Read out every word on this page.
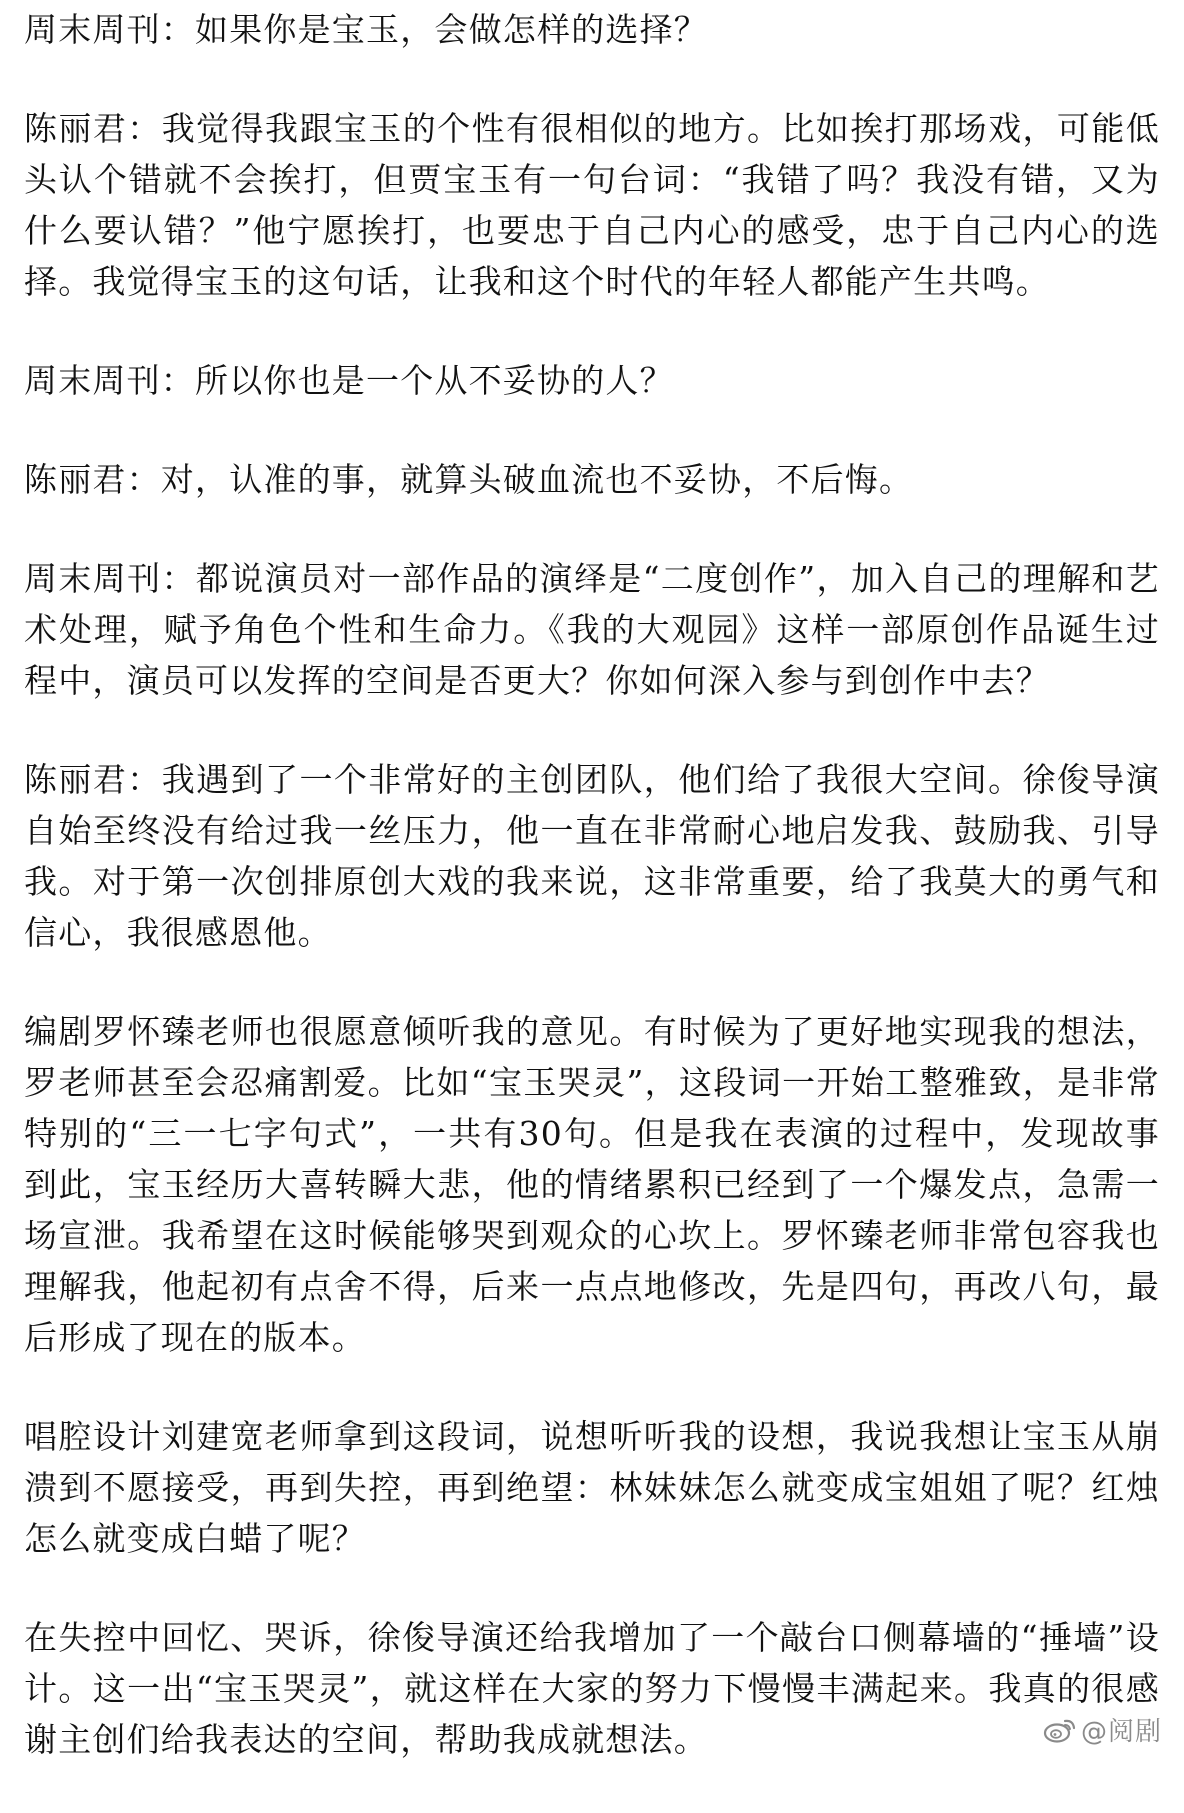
周末周刊：如果你是宝玉，会做怎样的选择？

陈丽君：我觉得我跟宝玉的个性有很相似的地方。比如挨打那场戏，可能低头认个错就不会挨打，但贾宝玉有一句台词：“我错了吗？我没有错，又为什么要认错？”他宁愿挨打，也要忠于自己内心的感受，忠于自己内心的选择。我觉得宝玉的这句话，让我和这个时代的年轻人都能产生共鸣。

周末周刊：所以你也是一个从不妥协的人？

陈丽君：对，认准的事，就算头破血流也不妥协，不后悔。

周末周刊：都说演员对一部作品的演绎是“二度创作”，加入自己的理解和艺术处理，赋予角色个性和生命力。《我的大观园》这样一部原创作品诞生过程中，演员可以发挥的空间是否更大？你如何深入参与到创作中去？

陈丽君：我遇到了一个非常好的主创团队，他们给了我很大空间。徐俊导演自始至终没有给过我一丝压力，他一直在非常耐心地启发我、鼓励我、引导我。对于第一次创排原创大戏的我来说，这非常重要，给了我莫大的勇气和信心，我很感恩他。

编剧罗怀臻老师也很愿意倾听我的意见。有时候为了更好地实现我的想法，罗老师甚至会忍痛割爱。比如“宝玉哭灵”，这段词一开始工整雅致，是非常特别的“三一七字句式”，一共有30句。但是我在表演的过程中，发现故事到此，宝玉经历大喜转瞬大悲，他的情绪累积已经到了一个爆发点，急需一场宣泄。我希望在这时候能够哭到观众的心坎上。罗怀臻老师非常包容我也理解我，他起初有点舍不得，后来一点点地修改，先是四句，再改八句，最后形成了现在的版本。

唱腔设计刘建宽老师拿到这段词，说想听听我的设想，我说我想让宝玉从崩溃到不愿接受，再到失控，再到绝望：林妹妹怎么就变成宝姐姐了呢？红烛怎么就变成白蜡了呢？

在失控中回忆、哭诉，徐俊导演还给我增加了一个敲台口侧幕墙的“捶墙”设计。这一出“宝玉哭灵”，就这样在大家的努力下慢慢丰满起来。我真的很感谢主创们给我表达的空间，帮助我成就想法。	@阅剧
